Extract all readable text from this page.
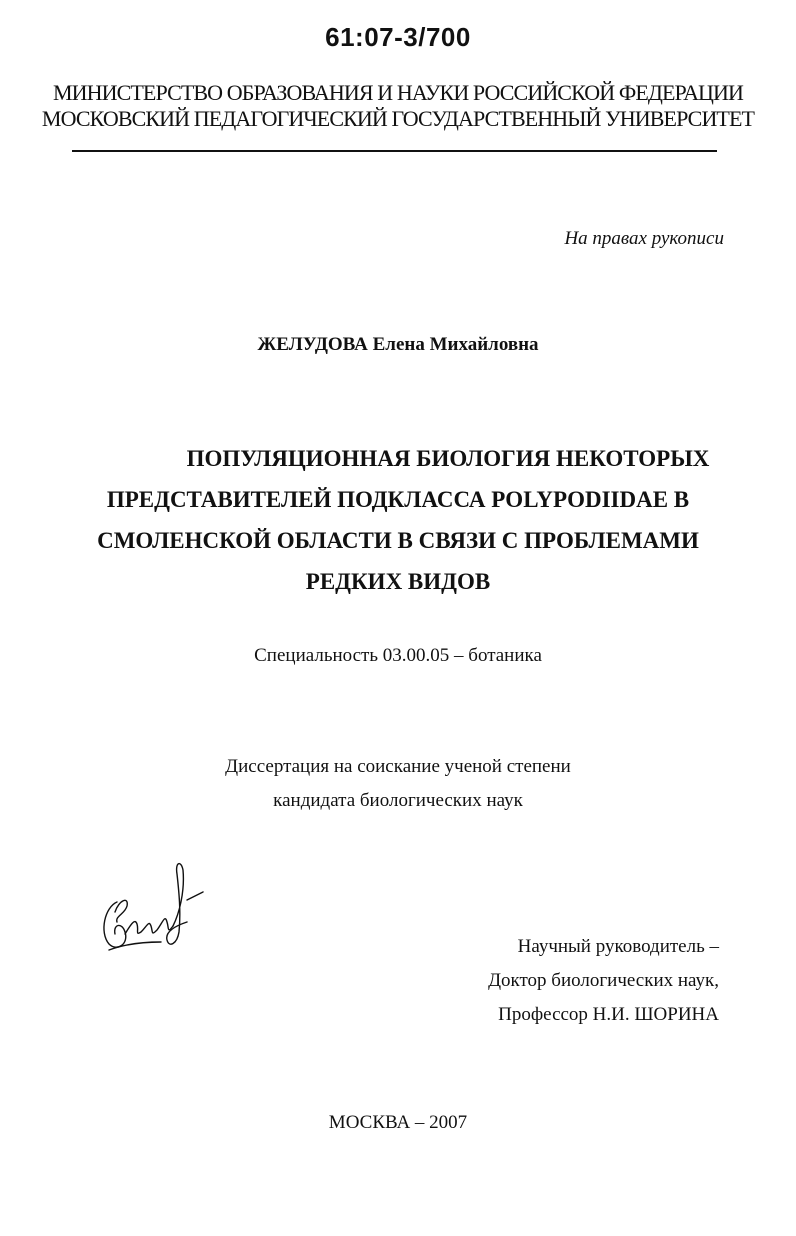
61:07-3/700
МИНИСТЕРСТВО ОБРАЗОВАНИЯ И НАУКИ РОССИЙСКОЙ ФЕДЕРАЦИИ
МОСКОВСКИЙ ПЕДАГОГИЧЕСКИЙ ГОСУДАРСТВЕННЫЙ УНИВЕРСИТЕТ
На правах рукописи
ЖЕЛУДОВА Елена Михайловна
ПОПУЛЯЦИОННАЯ БИОЛОГИЯ НЕКОТОРЫХ
ПРЕДСТАВИТЕЛЕЙ ПОДКЛАССА POLYPODIIDAE В
СМОЛЕНСКОЙ ОБЛАСТИ В СВЯЗИ С ПРОБЛЕМАМИ
РЕДКИХ ВИДОВ
Специальность 03.00.05 – ботаника
Диссертация на соискание ученой степени
кандидата биологических наук
Научный руководитель –
Доктор биологических наук,
Профессор Н.И. ШОРИНА
МОСКВА – 2007
